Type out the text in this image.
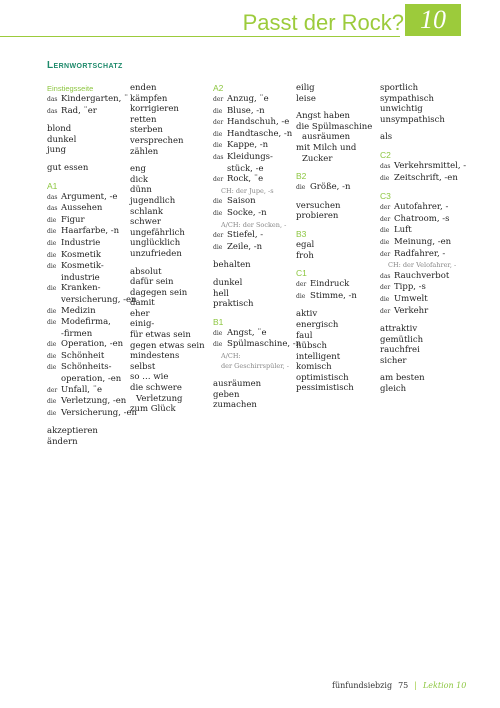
Passt der Rock? 10
Lernwortschatz
Einstiegsseite
das Kindergarten, ¨
das Rad, ¨er
blond
dunkel
jung
gut essen
A1
das Argument, -e
das Aussehen
die Figur
die Haarfarbe, -n
die Industrie
die Kosmetik
die Kosmetik-
industrie
die Kranken-
versicherung, -en
die Medizin
die Modefirma,
-firmen
die Operation, -en
die Schönheit
die Schönheits-
operation, -en
der Unfall, ¨e
die Verletzung, -en
die Versicherung, -en
akzeptieren
ändern
enden
kämpfen
korrigieren
retten
sterben
versprechen
zählen
eng
dick
dünn
jugendlich
schlank
schwer
ungefährlich
unglücklich
unzufrieden
absolut
dafür sein
dagegen sein
damit
eher
einig-
für etwas sein
gegen etwas sein
mindestens
selbst
so … wie
die schwere
Verletzung
zum Glück
A2
der Anzug, ¨e
die Bluse, -n
der Handschuh, -e
die Handtasche, -n
die Kappe, -n
das Kleidungs-
stück, -e
der Rock, ¨e
CH: der Jupe, -s
die Saison
die Socke, -n
A/CH: der Socken, -
der Stiefel, -
die Zeile, -n
behalten
dunkel
hell
praktisch
B1
die Angst, ¨e
die Spülmaschine, -n
A/CH:
der Geschirrspüler, -
ausräumen
geben
zumachen
eilig
leise
Angst haben
die Spülmaschine
ausräumen
mit Milch und
Zucker
B2
die Größe, -n
versuchen
probieren
B3
egal
froh
C1
der Eindruck
die Stimme, -n
aktiv
energisch
faul
hübsch
intelligent
komisch
optimistisch
pessimistisch
sportlich
sympathisch
unwichtig
unsympathisch
als
C2
das Verkehrsmittel, -
die Zeitschrift, -en
C3
der Autofahrer, -
der Chatroom, -s
die Luft
die Meinung, -en
der Radfahrer, -
CH: der Velofahrer, -
das Rauchverbot
der Tipp, -s
die Umwelt
der Verkehr
attraktiv
gemütlich
rauchfrei
sicher
am besten
gleich
fünfundsiebzig 75 | Lektion 10
